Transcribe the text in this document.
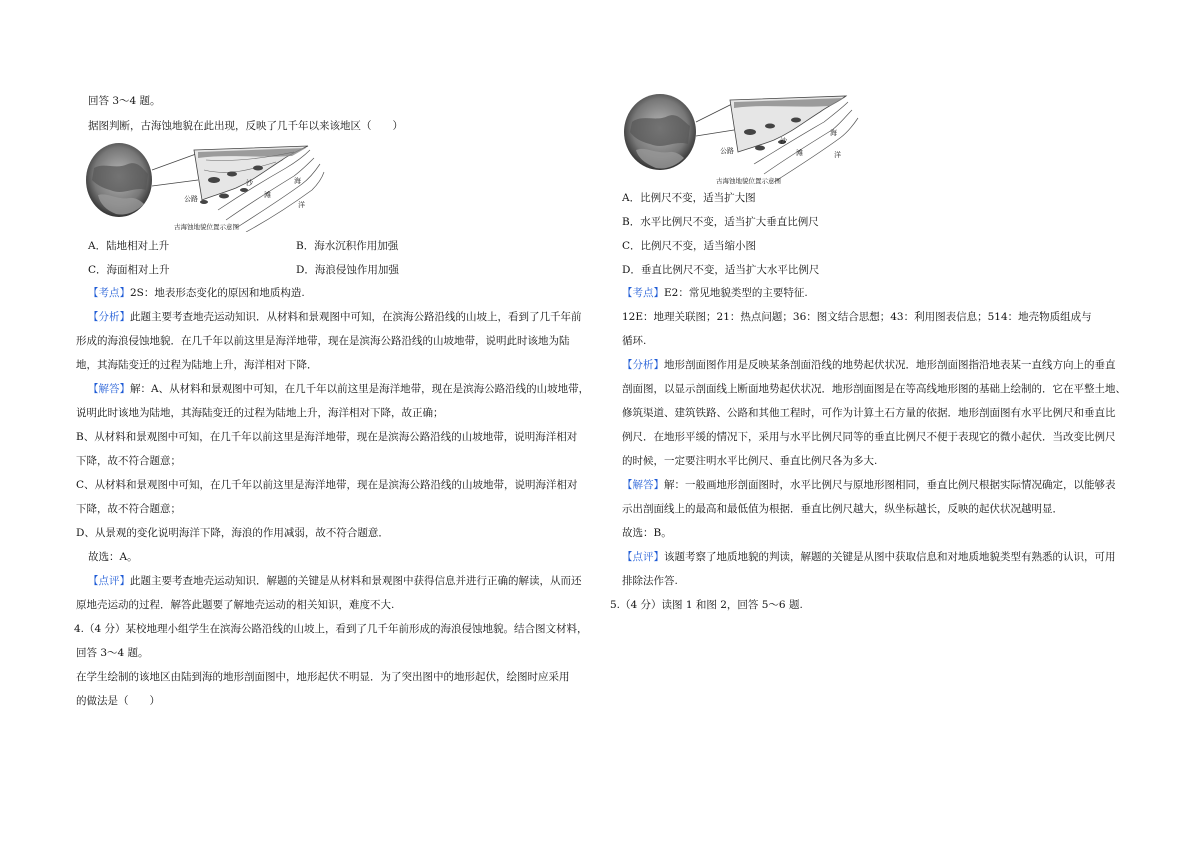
回答 3～4 题。
据图判断，古海蚀地貌在此出现，反映了几千年以来该地区（　　）
公路
沙
滩
海
洋
古海蚀地貌位置示意图
A．陆地相对上升	B．海水沉积作用加强
C．海面相对上升	D．海浪侵蚀作用加强
【考点】2S：地表形态变化的原因和地质构造.
【分析】此题主要考查地壳运动知识．从材料和景观图中可知，在滨海公路沿线的山坡上，看到了几千年前
形成的海浪侵蚀地貌．在几千年以前这里是海洋地带，现在是滨海公路沿线的山坡地带，说明此时该地为陆
地，其海陆变迁的过程为陆地上升，海洋相对下降．
【解答】解：A、从材料和景观图中可知，在几千年以前这里是海洋地带，现在是滨海公路沿线的山坡地带，
说明此时该地为陆地，其海陆变迁的过程为陆地上升，海洋相对下降，故正确；
B、从材料和景观图中可知，在几千年以前这里是海洋地带，现在是滨海公路沿线的山坡地带，说明海洋相对
下降，故不符合题意；
C、从材料和景观图中可知，在几千年以前这里是海洋地带，现在是滨海公路沿线的山坡地带，说明海洋相对
下降，故不符合题意；
D、从景观的变化说明海洋下降，海浪的作用减弱，故不符合题意．
故选：A。
【点评】此题主要考查地壳运动知识．解题的关键是从材料和景观图中获得信息并进行正确的解读，从而还
原地壳运动的过程．解答此题要了解地壳运动的相关知识，难度不大.
4.（4 分）某校地理小组学生在滨海公路沿线的山坡上，看到了几千年前形成的海浪侵蚀地貌。结合图文材料，
回答 3～4 题。
在学生绘制的该地区由陆到海的地形剖面图中，地形起伏不明显．为了突出图中的地形起伏，绘图时应采用
的做法是（　　）
公路
沙
滩
海
洋
古海蚀地貌位置示意图
A．比例尺不变，适当扩大图
B．水平比例尺不变，适当扩大垂直比例尺
C．比例尺不变，适当缩小图
D．垂直比例尺不变，适当扩大水平比例尺
【考点】E2：常见地貌类型的主要特征.
12E：地理关联图；21：热点问题；36：图文结合思想；43：利用图表信息；514：地壳物质组成与
循环.
【分析】地形剖面图作用是反映某条剖面沿线的地势起伏状况．地形剖面图指沿地表某一直线方向上的垂直
剖面图，以显示剖面线上断面地势起伏状况．地形剖面图是在等高线地形图的基础上绘制的．它在平整土地、
修筑渠道、建筑铁路、公路和其他工程时，可作为计算土石方量的依据．地形剖面图有水平比例尺和垂直比
例尺．在地形平缓的情况下，采用与水平比例尺同等的垂直比例尺不便于表现它的微小起伏．当改变比例尺
的时候，一定要注明水平比例尺、垂直比例尺各为多大.
【解答】解：一般画地形剖面图时，水平比例尺与原地形图相同，垂直比例尺根据实际情况确定，以能够表
示出剖面线上的最高和最低值为根据．垂直比例尺越大，纵坐标越长，反映的起伏状况越明显．
故选：B。
【点评】该题考察了地质地貌的判读，解题的关键是从图中获取信息和对地质地貌类型有熟悉的认识，可用
排除法作答.
5.（4 分）读图 1 和图 2，回答 5～6 题.
